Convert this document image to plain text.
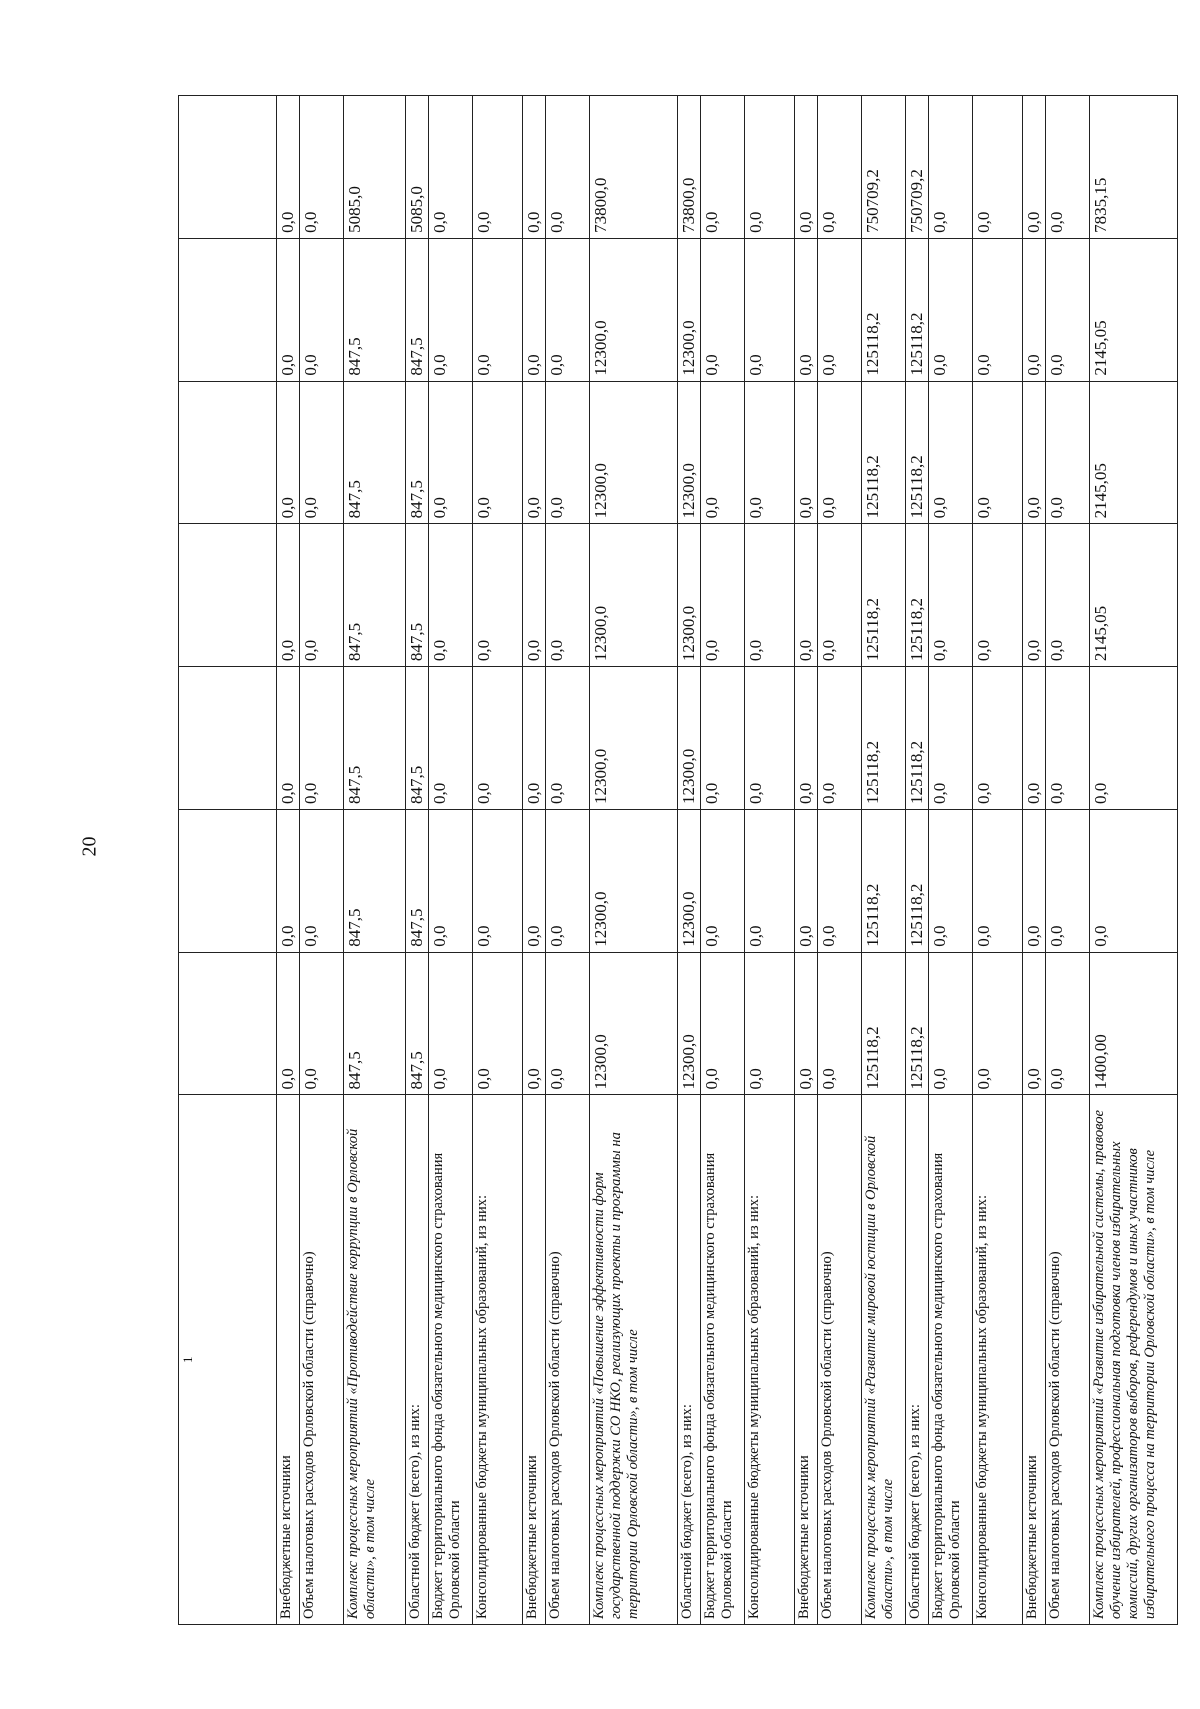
20
1							
Внебюджетные источники	0,0	0,0	0,0	0,0	0,0	0,0	0,0
Объем налоговых расходов Орловской области (справочно)	0,0	0,0	0,0	0,0	0,0	0,0	0,0
Комплекс процессных мероприятий «Противодействие коррупции в Орловской области», в том числе	847,5	847,5	847,5	847,5	847,5	847,5	5085,0
Областной бюджет (всего), из них:	847,5	847,5	847,5	847,5	847,5	847,5	5085,0
Бюджет территориального фонда обязательного медицинского страхования Орловской области	0,0	0,0	0,0	0,0	0,0	0,0	0,0
Консолидированные бюджеты муниципальных образований, из них:	0,0	0,0	0,0	0,0	0,0	0,0	0,0
Внебюджетные источники	0,0	0,0	0,0	0,0	0,0	0,0	0,0
Объем налоговых расходов Орловской области (справочно)	0,0	0,0	0,0	0,0	0,0	0,0	0,0
Комплекс процессных мероприятий «Повышение эффективности форм государственной поддержки СО НКО, реализующих проекты и программы на территории Орловской области», в том числе	12300,0	12300,0	12300,0	12300,0	12300,0	12300,0	73800,0
Областной бюджет (всего), из них:	12300,0	12300,0	12300,0	12300,0	12300,0	12300,0	73800,0
Бюджет территориального фонда обязательного медицинского страхования Орловской области	0,0	0,0	0,0	0,0	0,0	0,0	0,0
Консолидированные бюджеты муниципальных образований, из них:	0,0	0,0	0,0	0,0	0,0	0,0	0,0
Внебюджетные источники	0,0	0,0	0,0	0,0	0,0	0,0	0,0
Объем налоговых расходов Орловской области (справочно)	0,0	0,0	0,0	0,0	0,0	0,0	0,0
Комплекс процессных мероприятий «Развитие мировой юстиции в Орловской области», в том числе	125118,2	125118,2	125118,2	125118,2	125118,2	125118,2	750709,2
Областной бюджет (всего), из них:	125118,2	125118,2	125118,2	125118,2	125118,2	125118,2	750709,2
Бюджет территориального фонда обязательного медицинского страхования Орловской области	0,0	0,0	0,0	0,0	0,0	0,0	0,0
Консолидированные бюджеты муниципальных образований, из них:	0,0	0,0	0,0	0,0	0,0	0,0	0,0
Внебюджетные источники	0,0	0,0	0,0	0,0	0,0	0,0	0,0
Объем налоговых расходов Орловской области (справочно)	0,0	0,0	0,0	0,0	0,0	0,0	0,0
Комплекс процессных мероприятий «Развитие избирательной системы, правовое обучение избирателей, профессиональная подготовка членов избирательных комиссий, других организаторов выборов, референдумов и иных участников избирательного процесса на территории Орловской области», в том числе	1400,00	0,0	0,0	2145,05	2145,05	2145,05	7835,15
